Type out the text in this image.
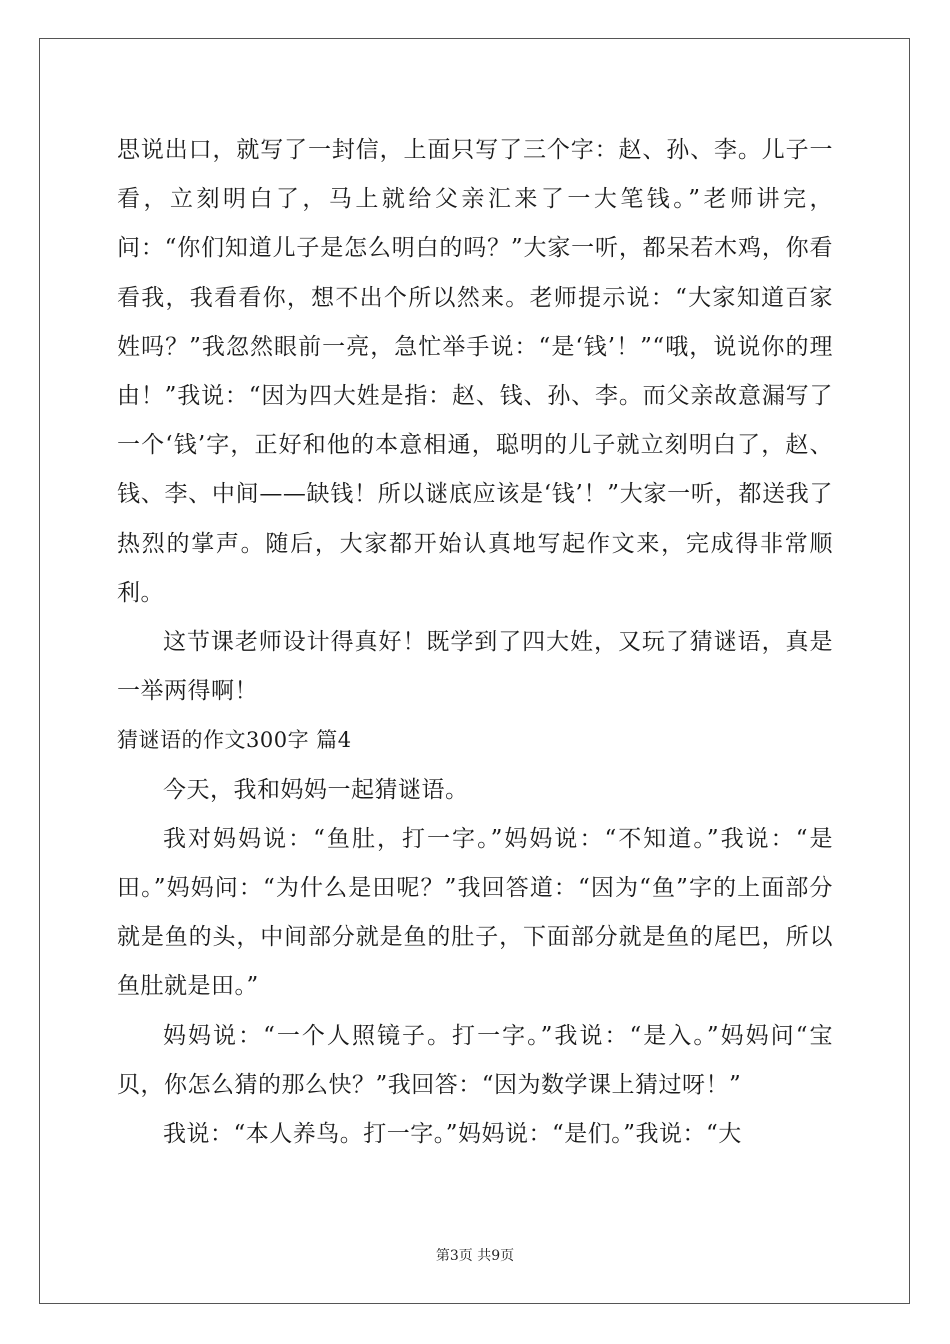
思说出口，就写了一封信，上面只写了三个字：赵、孙、李。儿子一看，立刻明白了，马上就给父亲汇来了一大笔钱。”老师讲完，问：“你们知道儿子是怎么明白的吗？”大家一听，都呆若木鸡，你看看我，我看看你，想不出个所以然来。老师提示说：“大家知道百家姓吗？”我忽然眼前一亮，急忙举手说：“是‘钱’！”“哦，说说你的理由！”我说：“因为四大姓是指：赵、钱、孙、李。而父亲故意漏写了一个‘钱’字，正好和他的本意相通，聪明的儿子就立刻明白了，赵、钱、李、中间——缺钱！所以谜底应该是‘钱’！”大家一听，都送我了热烈的掌声。随后，大家都开始认真地写起作文来，完成得非常顺利。

这节课老师设计得真好！既学到了四大姓，又玩了猜谜语，真是一举两得啊！

猜谜语的作文300字 篇4

今天，我和妈妈一起猜谜语。

我对妈妈说：“鱼肚，打一字。”妈妈说：“不知道。”我说：“是田。”妈妈问：“为什么是田呢？”我回答道：“因为“鱼”字的上面部分就是鱼的头，中间部分就是鱼的肚子，下面部分就是鱼的尾巴，所以鱼肚就是田。”

妈妈说：“一个人照镜子。打一字。”我说：“是入。”妈妈问“宝贝，你怎么猜的那么快？”我回答：“因为数学课上猜过呀！”

我说：“本人养鸟。打一字。”妈妈说：“是们。”我说：“大

第3页 共9页
